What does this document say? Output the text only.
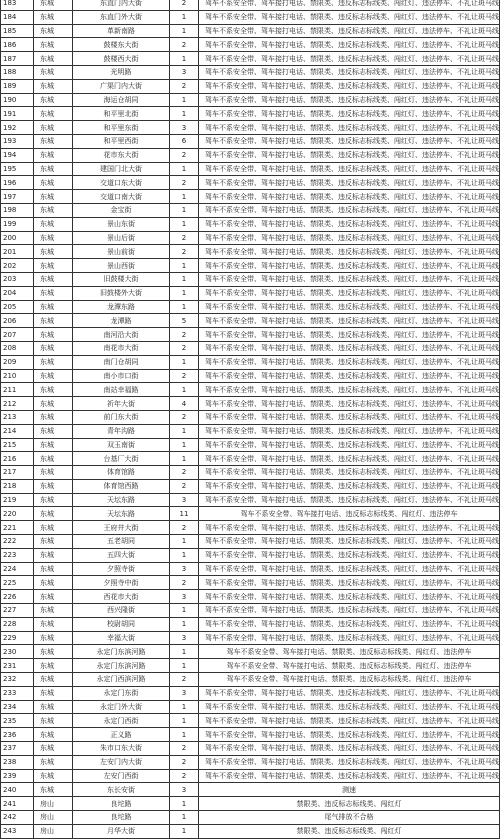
183	东城	东直门内大街	2	驾车不系安全带、驾车接打电话、禁限类、违反标志标线类、闯红灯、违法停车、不礼让斑马线
184	东城	东直门外大街	1	驾车不系安全带、驾车接打电话、禁限类、违反标志标线类、闯红灯、违法停车、不礼让斑马线
185	东城	革新南路	1	驾车不系安全带、驾车接打电话、禁限类、违反标志标线类、闯红灯、违法停车、不礼让斑马线
186	东城	鼓楼东大街	2	驾车不系安全带、驾车接打电话、禁限类、违反标志标线类、闯红灯、违法停车、不礼让斑马线
187	东城	鼓楼西大街	1	驾车不系安全带、驾车接打电话、禁限类、违反标志标线类、闯红灯、违法停车、不礼让斑马线
188	东城	光明路	3	驾车不系安全带、驾车接打电话、禁限类、违反标志标线类、闯红灯、违法停车、不礼让斑马线
189	东城	广渠门内大街	2	驾车不系安全带、驾车接打电话、禁限类、违反标志标线类、闯红灯、违法停车、不礼让斑马线
190	东城	海运仓胡同	1	驾车不系安全带、驾车接打电话、禁限类、违反标志标线类、闯红灯、违法停车、不礼让斑马线
191	东城	和平里北街	1	驾车不系安全带、驾车接打电话、禁限类、违反标志标线类、闯红灯、违法停车、不礼让斑马线
192	东城	和平里东街	3	驾车不系安全带、驾车接打电话、禁限类、违反标志标线类、闯红灯、违法停车、不礼让斑马线
193	东城	和平里西街	6	驾车不系安全带、驾车接打电话、禁限类、违反标志标线类、闯红灯、违法停车、不礼让斑马线
194	东城	花市东大街	2	驾车不系安全带、驾车接打电话、禁限类、违反标志标线类、闯红灯、违法停车、不礼让斑马线
195	东城	建国门北大街	1	驾车不系安全带、驾车接打电话、禁限类、违反标志标线类、闯红灯、违法停车、不礼让斑马线
196	东城	交道口东大街	2	驾车不系安全带、驾车接打电话、禁限类、违反标志标线类、闯红灯、违法停车、不礼让斑马线
197	东城	交道口南大街	1	驾车不系安全带、驾车接打电话、禁限类、违反标志标线类、闯红灯、违法停车、不礼让斑马线
198	东城	金宝街	1	驾车不系安全带、驾车接打电话、禁限类、违反标志标线类、闯红灯、违法停车、不礼让斑马线
199	东城	景山东街	1	驾车不系安全带、驾车接打电话、禁限类、违反标志标线类、闯红灯、违法停车、不礼让斑马线
200	东城	景山后街	2	驾车不系安全带、驾车接打电话、禁限类、违反标志标线类、闯红灯、违法停车、不礼让斑马线
201	东城	景山前街	2	驾车不系安全带、驾车接打电话、禁限类、违反标志标线类、闯红灯、违法停车、不礼让斑马线
202	东城	景山西街	1	驾车不系安全带、驾车接打电话、禁限类、违反标志标线类、闯红灯、违法停车、不礼让斑马线
203	东城	旧鼓楼大街	1	驾车不系安全带、驾车接打电话、禁限类、违反标志标线类、闯红灯、违法停车、不礼让斑马线
204	东城	旧鼓楼外大街	1	驾车不系安全带、驾车接打电话、禁限类、违反标志标线类、闯红灯、违法停车、不礼让斑马线
205	东城	龙潭东路	1	驾车不系安全带、驾车接打电话、禁限类、违反标志标线类、闯红灯、违法停车、不礼让斑马线
206	东城	龙潭路	5	驾车不系安全带、驾车接打电话、禁限类、违反标志标线类、闯红灯、违法停车、不礼让斑马线
207	东城	南河沿大街	2	驾车不系安全带、驾车接打电话、禁限类、违反标志标线类、闯红灯、违法停车、不礼让斑马线
208	东城	南花市大街	2	驾车不系安全带、驾车接打电话、禁限类、违反标志标线类、闯红灯、违法停车、不礼让斑马线
209	东城	南门仓胡同	1	驾车不系安全带、驾车接打电话、禁限类、违反标志标线类、闯红灯、违法停车、不礼让斑马线
210	东城	南小市口街	2	驾车不系安全带、驾车接打电话、禁限类、违反标志标线类、闯红灯、违法停车、不礼让斑马线
211	东城	南站幸福路	1	驾车不系安全带、驾车接打电话、禁限类、违反标志标线类、闯红灯、违法停车、不礼让斑马线
212	东城	祈年大街	4	驾车不系安全带、驾车接打电话、禁限类、违反标志标线类、闯红灯、违法停车、不礼让斑马线
213	东城	前门东大街	2	驾车不系安全带、驾车接打电话、禁限类、违反标志标线类、闯红灯、违法停车、不礼让斑马线
214	东城	青年沟路	1	驾车不系安全带、驾车接打电话、禁限类、违反标志标线类、闯红灯、违法停车、不礼让斑马线
215	东城	双玉南街	1	驾车不系安全带、驾车接打电话、禁限类、违反标志标线类、闯红灯、违法停车、不礼让斑马线
216	东城	台基厂大街	1	驾车不系安全带、驾车接打电话、禁限类、违反标志标线类、闯红灯、违法停车、不礼让斑马线
217	东城	体育馆路	2	驾车不系安全带、驾车接打电话、禁限类、违反标志标线类、闯红灯、违法停车、不礼让斑马线
218	东城	体育馆西路	2	驾车不系安全带、驾车接打电话、禁限类、违反标志标线类、闯红灯、违法停车、不礼让斑马线
219	东城	天坛东路	3	驾车不系安全带、驾车接打电话、禁限类、违反标志标线类、闯红灯、违法停车、不礼让斑马线
220	东城	天坛东路	11	驾车不系安全带、驾车接打电话、违反标志标线类、闯红灯、违法停车
221	东城	王府井大街	2	驾车不系安全带、驾车接打电话、禁限类、违反标志标线类、闯红灯、违法停车、不礼让斑马线
222	东城	五老胡同	1	驾车不系安全带、驾车接打电话、禁限类、违反标志标线类、闯红灯、违法停车、不礼让斑马线
223	东城	五四大街	1	驾车不系安全带、驾车接打电话、禁限类、违反标志标线类、闯红灯、违法停车、不礼让斑马线
224	东城	夕照寺街	3	驾车不系安全带、驾车接打电话、禁限类、违反标志标线类、闯红灯、违法停车、不礼让斑马线
225	东城	夕照寺中街	2	驾车不系安全带、驾车接打电话、禁限类、违反标志标线类、闯红灯、违法停车、不礼让斑马线
226	东城	西花市大街	3	驾车不系安全带、驾车接打电话、禁限类、违反标志标线类、闯红灯、违法停车、不礼让斑马线
227	东城	西兴隆街	1	驾车不系安全带、驾车接打电话、禁限类、违反标志标线类、闯红灯、违法停车、不礼让斑马线
228	东城	校尉胡同	1	驾车不系安全带、驾车接打电话、禁限类、违反标志标线类、闯红灯、违法停车、不礼让斑马线
229	东城	幸福大街	3	驾车不系安全带、驾车接打电话、禁限类、违反标志标线类、闯红灯、违法停车、不礼让斑马线
230	东城	永定门东滨河路	1	驾车不系安全带、驾车接打电话、禁限类、违反标志标线类、闯红灯、违法停车
231	东城	永定门东滨河路	1	驾车不系安全带、驾车接打电话、禁限类、违反标志标线类、闯红灯、违法停车
232	东城	永定门西滨河路	2	驾车不系安全带、驾车接打电话、禁限类、违反标志标线类、闯红灯、违法停车
233	东城	永定门东街	3	驾车不系安全带、驾车接打电话、禁限类、违反标志标线类、闯红灯、违法停车、不礼让斑马线
234	东城	永定门外大街	1	驾车不系安全带、驾车接打电话、禁限类、违反标志标线类、闯红灯、违法停车、不礼让斑马线
235	东城	永定门西街	1	驾车不系安全带、驾车接打电话、禁限类、违反标志标线类、闯红灯、违法停车、不礼让斑马线
236	东城	正义路	1	驾车不系安全带、驾车接打电话、禁限类、违反标志标线类、闯红灯、违法停车、不礼让斑马线
237	东城	朱市口东大街	2	驾车不系安全带、驾车接打电话、禁限类、违反标志标线类、闯红灯、违法停车、不礼让斑马线
238	东城	左安门内大街	2	驾车不系安全带、驾车接打电话、禁限类、违反标志标线类、闯红灯、违法停车、不礼让斑马线
239	东城	左安门西街	2	驾车不系安全带、驾车接打电话、禁限类、违反标志标线类、闯红灯、违法停车、不礼让斑马线
240	东城	东长安街	3	测速
241	房山	良坨路	1	禁限类、违反标志标线类、闯红灯
242	房山	良坨路	1	尾气排放不合格
243	房山	月华大街	1	禁限类、违反标志标线类、闯红灯
